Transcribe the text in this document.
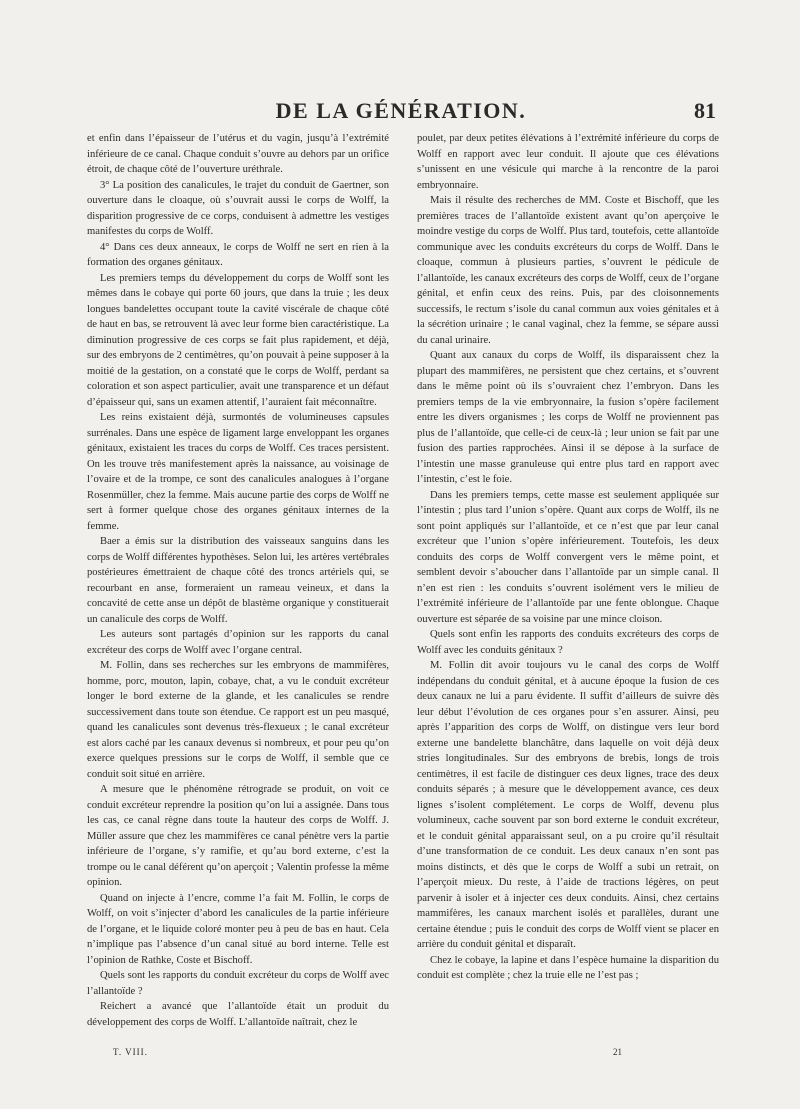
DE LA GÉNÉRATION.	81

et enfin dans l’épaisseur de l’utérus et du vagin, jusqu’à l’extrémité inférieure de ce canal. Chaque conduit s’ouvre au dehors par un orifice étroit, de chaque côté de l’ouverture uréthrale.

3° La position des canalicules, le trajet du conduit de Gaertner, son ouverture dans le cloaque, où s’ouvrait aussi le corps de Wolff, la disparition progressive de ce corps, conduisent à admettre les vestiges manifestes du corps de Wolff.

4° Dans ces deux anneaux, le corps de Wolff ne sert en rien à la formation des organes génitaux.

Les premiers temps du développement du corps de Wolff sont les mêmes dans le cobaye qui porte 60 jours, que dans la truie ; les deux longues bandelettes occupant toute la cavité viscérale de chaque côté de haut en bas, se retrouvent là avec leur forme bien caractéristique. La diminution progressive de ces corps se fait plus rapidement, et déjà, sur des embryons de 2 centimètres, qu’on pouvait à peine supposer à la moitié de la gestation, on a constaté que le corps de Wolff, perdant sa coloration et son aspect particulier, avait une transparence et un défaut d’épaisseur qui, sans un examen attentif, l’auraient fait méconnaître.

Les reins existaient déjà, surmontés de volumineuses capsules surrénales. Dans une espèce de ligament large enveloppant les organes génitaux, existaient les traces du corps de Wolff. Ces traces persistent. On les trouve très manifestement après la naissance, au voisinage de l’ovaire et de la trompe, ce sont des canalicules analogues à l’organe Rosenmüller, chez la femme. Mais aucune partie des corps de Wolff ne sert à former quelque chose des organes génitaux internes de la femme.

Baer a émis sur la distribution des vaisseaux sanguins dans les corps de Wolff différentes hypothèses. Selon lui, les artères vertébrales postérieures émettraient de chaque côté des troncs artériels qui, se recourbant en anse, formeraient un rameau veineux, et dans la concavité de cette anse un dépôt de blastème organique y constituerait un canalicule des corps de Wolff.

Les auteurs sont partagés d’opinion sur les rapports du canal excréteur des corps de Wolff avec l’organe central.

M. Follin, dans ses recherches sur les embryons de mammifères, homme, porc, mouton, lapin, cobaye, chat, a vu le conduit excréteur longer le bord externe de la glande, et les canalicules se rendre successivement dans toute son étendue. Ce rapport est un peu masqué, quand les canalicules sont devenus très-flexueux ; le canal excréteur est alors caché par les canaux devenus si nombreux, et pour peu qu’on exerce quelques pressions sur le corps de Wolff, il semble que ce conduit soit situé en arrière.

A mesure que le phénomène rétrograde se produit, on voit ce conduit excréteur reprendre la position qu’on lui a assignée. Dans tous les cas, ce canal règne dans toute la hauteur des corps de Wolff. J. Müller assure que chez les mammifères ce canal pénètre vers la partie inférieure de l’organe, s’y ramifie, et qu’au bord externe, c’est la trompe ou le canal déférent qu’on aperçoit ; Valentin professe la même opinion.

Quand on injecte à l’encre, comme l’a fait M. Follin, le corps de Wolff, on voit s’injecter d’abord les canalicules de la partie inférieure de l’organe, et le liquide coloré monter peu à peu de bas en haut. Cela n’implique pas l’absence d’un canal situé au bord interne. Telle est l’opinion de Rathke, Coste et Bischoff.

Quels sont les rapports du conduit excréteur du corps de Wolff avec l’allantoïde ?

Reichert a avancé que l’allantoïde était un produit du développement des corps de Wolff. L’allantoïde naîtrait, chez le

poulet, par deux petites élévations à l’extrémité inférieure du corps de Wolff en rapport avec leur conduit. Il ajoute que ces élévations s’unissent en une vésicule qui marche à la rencontre de la paroi embryonnaire.

Mais il résulte des recherches de MM. Coste et Bischoff, que les premières traces de l’allantoïde existent avant qu’on aperçoive le moindre vestige du corps de Wolff. Plus tard, toutefois, cette allantoïde communique avec les conduits excréteurs du corps de Wolff. Dans le cloaque, commun à plusieurs parties, s’ouvrent le pédicule de l’allantoïde, les canaux excréteurs des corps de Wolff, ceux de l’organe génital, et enfin ceux des reins. Puis, par des cloisonnements successifs, le rectum s’isole du canal commun aux voies génitales et à la sécrétion urinaire ; le canal vaginal, chez la femme, se sépare aussi du canal urinaire.

Quant aux canaux du corps de Wolff, ils disparaissent chez la plupart des mammifères, ne persistent que chez certains, et s’ouvrent dans le même point où ils s’ouvraient chez l’embryon. Dans les premiers temps de la vie embryonnaire, la fusion s’opère facilement entre les divers organismes ; les corps de Wolff ne proviennent pas plus de l’allantoïde, que celle-ci de ceux-là ; leur union se fait par une fusion des parties rapprochées. Ainsi il se dépose à la surface de l’intestin une masse granuleuse qui entre plus tard en rapport avec l’intestin, c’est le foie.

Dans les premiers temps, cette masse est seulement appliquée sur l’intestin ; plus tard l’union s’opère. Quant aux corps de Wolff, ils ne sont point appliqués sur l’allantoïde, et ce n’est que par leur canal excréteur que l’union s’opère inférieurement. Toutefois, les deux conduits des corps de Wolff convergent vers le même point, et semblent devoir s’aboucher dans l’allantoïde par un simple canal. Il n’en est rien : les conduits s’ouvrent isolément vers le milieu de l’extrémité inférieure de l’allantoïde par une fente oblongue. Chaque ouverture est séparée de sa voisine par une mince cloison.

Quels sont enfin les rapports des conduits excréteurs des corps de Wolff avec les conduits génitaux ?

M. Follin dit avoir toujours vu le canal des corps de Wolff indépendans du conduit génital, et à aucune époque la fusion de ces deux canaux ne lui a paru évidente. Il suffit d’ailleurs de suivre dès leur début l’évolution de ces organes pour s’en assurer. Ainsi, peu après l’apparition des corps de Wolff, on distingue vers leur bord externe une bandelette blanchâtre, dans laquelle on voit déjà deux stries longitudinales. Sur des embryons de brebis, longs de trois centimètres, il est facile de distinguer ces deux lignes, trace des deux conduits séparés ; à mesure que le développement avance, ces deux lignes s’isolent complétement. Le corps de Wolff, devenu plus volumineux, cache souvent par son bord externe le conduit excréteur, et le conduit génital apparaissant seul, on a pu croire qu’il résultait d’une transformation de ce conduit. Les deux canaux n’en sont pas moins distincts, et dès que le corps de Wolff a subi un retrait, on l’aperçoit mieux. Du reste, à l’aide de tractions légères, on peut parvenir à isoler et à injecter ces deux conduits. Ainsi, chez certains mammifères, les canaux marchent isolés et parallèles, durant une certaine étendue ; puis le conduit des corps de Wolff vient se placer en arrière du conduit génital et disparaît.

Chez le cobaye, la lapine et dans l’espèce humaine la disparition du conduit est complète ; chez la truie elle ne l’est pas ;

T. VIII.	21
